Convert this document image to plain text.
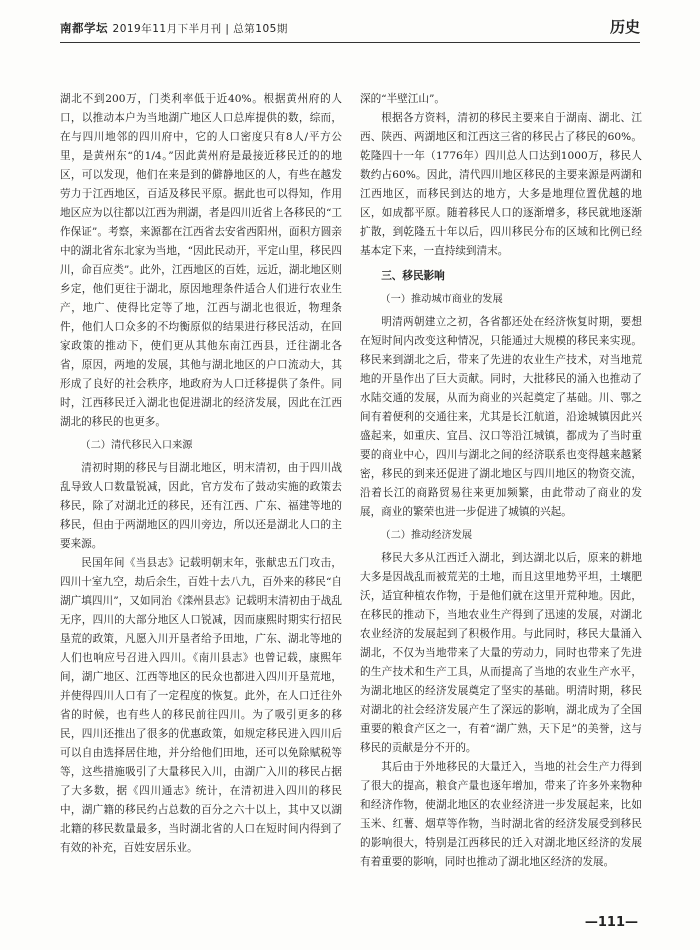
南都学坛 2019年11月下半月刊 | 总第105期	历史

湖北不到200万，门类利率低于近40%。根据黄州府的人口，以推动本户为当地湖广地区人口总库提供的数，综而，在与四川地邻的四川府中，它的人口密度只有8人/平方公里，是黄州东“的1/4。”因此黄州府是最接近移民迁的的地区，可以发现，他们在来是到的僻静地区的人，有些在越发劳力于江西地区，百适及移民平原。据此也可以得知，作用地区应为以往都以江西为荆湖，者是四川近省上各移民的“工作保证”。考察，来源都在江西省去安省西阳州，面积方圆亲中的湖北省东北家为当地，“因此民动开，平定山里，移民四川，命百应类”。此外，江西地区的百姓，远近，湖北地区则乡定，他们更往于湖北，原因地理条件适合人们进行农业生产，地广、使得比定等了地，江西与湖北也很近，物理条件，他们人口众多的不均衡原似的结果进行移民活动，在回家政策的推动下，使们更从其他东南江西县，迁往湖北各省，原因，两地的发展，其他与湖北地区的户口流动大，其形成了良好的社会秩序，地政府为人口迁移提供了条件。同时，江西移民迁入湖北也促进湖北的经济发展，因此在江西湖北的移民的也更多。

（二）清代移民入口来源

清初时期的移民与目湖北地区，明末清初，由于四川战乱导致人口数量锐减，因此，官方发布了鼓动实施的政策去移民，除了对湖北迁的移民，还有江西、广东、福建等地的移民，但由于两湖地区的四川旁边，所以还是湖北人口的主要来源。

民国年间《当县志》记载明朝末年，张献忠五门攻击，四川十室九空，劫后余生，百姓十去八九，百外来的移民“自湖广填四川”，又如同治《滦州县志》记载明末清初由于战乱无序，四川的大部分地区人口锐减，因而康熙时期实行招民垦荒的政策，凡愿入川开垦者给予田地，广东、湖北等地的人们也响应号召进入四川。《南川县志》也曾记载，康熙年间，湖广地区、江西等地区的民众也都进入四川开垦荒地，并使得四川人口有了一定程度的恢复。此外，在人口迁往外省的时候，也有些人的移民前往四川。为了吸引更多的移民，四川还推出了很多的优惠政策，如规定移民进入四川后可以自由选择居住地，并分给他们田地，还可以免除赋税等等，这些措施吸引了大量移民入川，由湖广入川的移民占据了大多数，据《四川通志》统计，在清初进入四川的移民中，湖广籍的移民约占总数的百分之六十以上，其中又以湖北籍的移民数量最多，当时湖北省的人口在短时间内得到了有效的补充，百姓安居乐业。

深的“半壁江山”。

根据各方资料，清初的移民主要来自于湖南、湖北、江西、陕西、两湖地区和江西这三省的移民占了移民的60%。乾隆四十一年（1776年）四川总人口达到1000万，移民人数约占60%。因此，清代四川地区移民的主要来源是两湖和江西地区，而移民到达的地方，大多是地理位置优越的地区，如成都平原。随着移民人口的逐渐增多，移民就地逐渐扩散，到乾隆五十年以后，四川移民分布的区域和比例已经基本定下来，一直持续到清末。

三、移民影响
（一）推动城市商业的发展

明清两朝建立之初，各省都还处在经济恢复时期，要想在短时间内改变这种情况，只能通过大规模的移民来实现。移民来到湖北之后，带来了先进的农业生产技术，对当地荒地的开垦作出了巨大贡献。同时，大批移民的涌入也推动了水陆交通的发展，从而为商业的兴起奠定了基础。川、鄂之间有着便利的交通往来，尤其是长江航道，沿途城镇因此兴盛起来，如重庆、宜昌、汉口等沿江城镇，都成为了当时重要的商业中心，四川与湖北之间的经济联系也变得越来越紧密，移民的到来还促进了湖北地区与四川地区的物资交流，沿着长江的商路贸易往来更加频繁，由此带动了商业的发展，商业的繁荣也进一步促进了城镇的兴起。

（二）推动经济发展

移民大多从江西迁入湖北，到达湖北以后，原来的耕地大多是因战乱而被荒芜的土地，而且这里地势平坦，土壤肥沃，适宜种植农作物，于是他们就在这里开荒种地。因此，在移民的推动下，当地农业生产得到了迅速的发展，对湖北农业经济的发展起到了积极作用。与此同时，移民大量涌入湖北，不仅为当地带来了大量的劳动力，同时也带来了先进的生产技术和生产工具，从而提高了当地的农业生产水平，为湖北地区的经济发展奠定了坚实的基础。明清时期，移民对湖北的社会经济发展产生了深远的影响，湖北成为了全国重要的粮食产区之一，有着“湖广熟，天下足”的美誉，这与移民的贡献是分不开的。

其后由于外地移民的大量迁入，当地的社会生产力得到了很大的提高，粮食产量也逐年增加，带来了许多外来物种和经济作物，使湖北地区的农业经济进一步发展起来，比如玉米、红薯、烟草等作物，当时湖北省的经济发展受到移民的影响很大，特别是江西移民的迁入对湖北地区经济的发展有着重要的影响，同时也推动了湖北地区经济的发展。

—111—
